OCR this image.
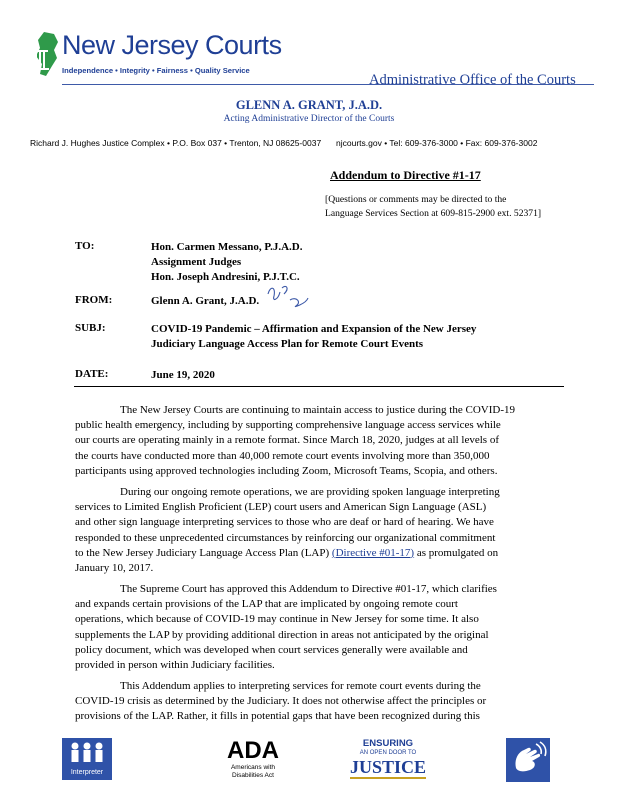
New Jersey Courts
Independence • Integrity • Fairness • Quality Service
Administrative Office of the Courts
GLENN A. GRANT, J.A.D.
Acting Administrative Director of the Courts
Richard J. Hughes Justice Complex • P.O. Box 037 • Trenton, NJ 08625-0037 njcourts.gov • Tel: 609-376-3000 • Fax: 609-376-3002
Addendum to Directive #1-17
[Questions or comments may be directed to the
Language Services Section at 609-815-2900 ext. 52371]
TO:	Hon. Carmen Messano, P.J.A.D.
Assignment Judges
Hon. Joseph Andresini, P.J.T.C.
FROM:	Glenn A. Grant, J.A.D.
SUBJ:	COVID-19 Pandemic – Affirmation and Expansion of the New Jersey
Judiciary Language Access Plan for Remote Court Events
DATE:	June 19, 2020
The New Jersey Courts are continuing to maintain access to justice during the COVID-19
public health emergency, including by supporting comprehensive language access services while
our courts are operating mainly in a remote format. Since March 18, 2020, judges at all levels of
the courts have conducted more than 40,000 remote court events involving more than 350,000
participants using approved technologies including Zoom, Microsoft Teams, Scopia, and others.
During our ongoing remote operations, we are providing spoken language interpreting
services to Limited English Proficient (LEP) court users and American Sign Language (ASL)
and other sign language interpreting services to those who are deaf or hard of hearing. We have
responded to these unprecedented circumstances by reinforcing our organizational commitment
to the New Jersey Judiciary Language Access Plan (LAP) (Directive #01-17) as promulgated on
January 10, 2017.
The Supreme Court has approved this Addendum to Directive #01-17, which clarifies
and expands certain provisions of the LAP that are implicated by ongoing remote court
operations, which because of COVID-19 may continue in New Jersey for some time. It also
supplements the LAP by providing additional direction in areas not anticipated by the original
policy document, which was developed when court services generally were available and
provided in person within Judiciary facilities.
This Addendum applies to interpreting services for remote court events during the
COVID-19 crisis as determined by the Judiciary. It does not otherwise affect the principles or
provisions of the LAP. Rather, it fills in potential gaps that have been recognized during this
Interpreter
ADA
Americans with
Disabilities Act
ENSURING
AN OPEN DOOR TO
JUSTICE
